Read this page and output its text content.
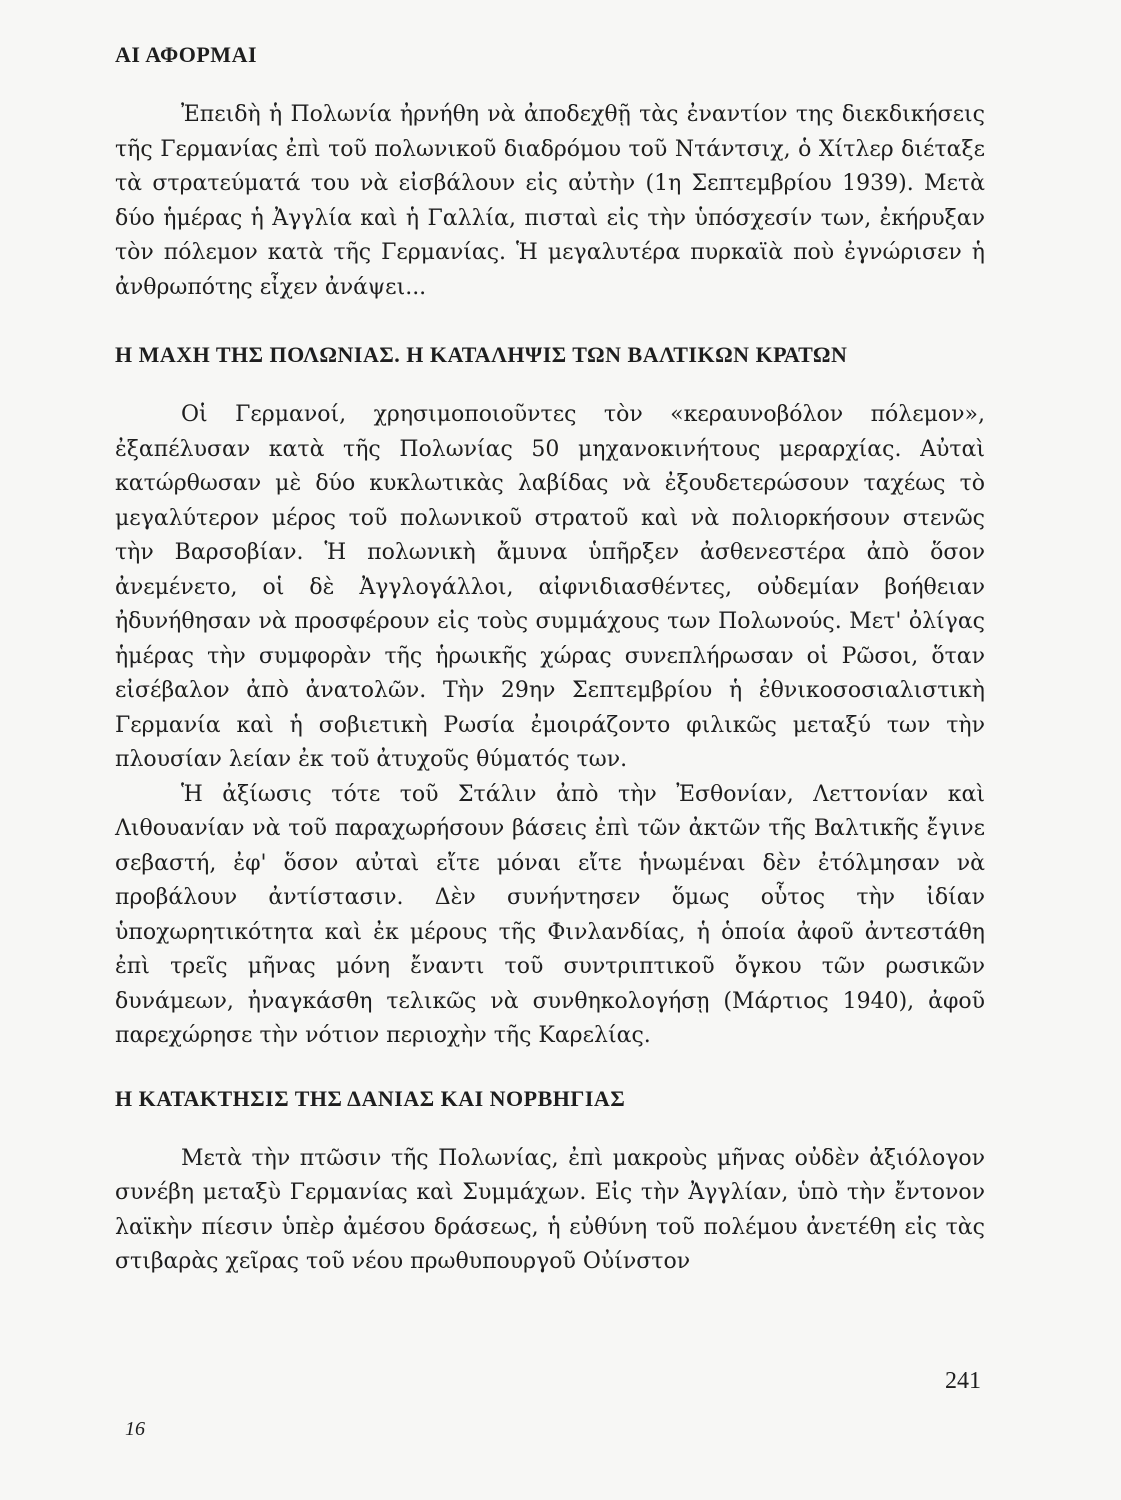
ΑΙ ΑΦΟΡΜΑΙ

Ἐπειδὴ ἡ Πολωνία ἠρνήθη νὰ ἀποδεχθῇ τὰς ἐναντίον της διεκδικήσεις τῆς Γερμανίας ἐπὶ τοῦ πολωνικοῦ διαδρόμου τοῦ Ντάντσιχ, ὁ Χίτλερ διέταξε τὰ στρατεύματά του νὰ εἰσβάλουν εἰς αὐτὴν (1η Σεπτεμβρίου 1939). Μετὰ δύο ἡμέρας ἡ Ἀγγλία καὶ ἡ Γαλλία, πισταὶ εἰς τὴν ὑπόσχεσίν των, ἐκήρυξαν τὸν πόλεμον κατὰ τῆς Γερμανίας. Ἡ μεγαλυτέρα πυρκαϊὰ ποὺ ἐγνώρισεν ἡ ἀνθρωπότης εἶχεν ἀνάψει...

Η ΜΑΧΗ ΤΗΣ ΠΟΛΩΝΙΑΣ. Η ΚΑΤΑΛΗΨΙΣ ΤΩΝ ΒΑΛΤΙΚΩΝ ΚΡΑΤΩΝ

Οἱ Γερμανοί, χρησιμοποιοῦντες τὸν «κεραυνοβόλον πόλεμον», ἐξαπέλυσαν κατὰ τῆς Πολωνίας 50 μηχανοκινήτους μεραρχίας. Αὐταὶ κατώρθωσαν μὲ δύο κυκλωτικὰς λαβίδας νὰ ἐξουδετερώσουν ταχέως τὸ μεγαλύτερον μέρος τοῦ πολωνικοῦ στρατοῦ καὶ νὰ πολιορκήσουν στενῶς τὴν Βαρσοβίαν. Ἡ πολωνικὴ ἄμυνα ὑπῆρξεν ἀσθενεστέρα ἀπὸ ὅσον ἀνεμένετο, οἱ δὲ Ἀγγλογάλλοι, αἰφνιδιασθέντες, οὐδεμίαν βοήθειαν ἠδυνήθησαν νὰ προσφέρουν εἰς τοὺς συμμάχους των Πολωνούς. Μετ' ὀλίγας ἡμέρας τὴν συμφορὰν τῆς ἡρωικῆς χώρας συνεπλήρωσαν οἱ Ρῶσοι, ὅταν εἰσέβαλον ἀπὸ ἀνατολῶν. Τὴν 29ην Σεπτεμβρίου ἡ ἐθνικοσοσιαλιστικὴ Γερμανία καὶ ἡ σοβιετικὴ Ρωσία ἐμοιράζοντο φιλικῶς μεταξύ των τὴν πλουσίαν λείαν ἐκ τοῦ ἀτυχοῦς θύματός των.

Ἡ ἀξίωσις τότε τοῦ Στάλιν ἀπὸ τὴν Ἐσθονίαν, Λεττονίαν καὶ Λιθουανίαν νὰ τοῦ παραχωρήσουν βάσεις ἐπὶ τῶν ἀκτῶν τῆς Βαλτικῆς ἔγινε σεβαστή, ἐφ' ὅσον αὐταὶ εἴτε μόναι εἴτε ἡνωμέναι δὲν ἐτόλμησαν νὰ προβάλουν ἀντίστασιν. Δὲν συνήντησεν ὅμως οὗτος τὴν ἰδίαν ὑποχωρητικότητα καὶ ἐκ μέρους τῆς Φινλανδίας, ἡ ὁποία ἀφοῦ ἀντεστάθη ἐπὶ τρεῖς μῆνας μόνη ἔναντι τοῦ συντριπτικοῦ ὄγκου τῶν ρωσικῶν δυνάμεων, ἠναγκάσθη τελικῶς νὰ συνθηκολογήσῃ (Μάρτιος 1940), ἀφοῦ παρεχώρησε τὴν νότιον περιοχὴν τῆς Καρελίας.

Η ΚΑΤΑΚΤΗΣΙΣ ΤΗΣ ΔΑΝΙΑΣ ΚΑΙ ΝΟΡΒΗΓΙΑΣ

Μετὰ τὴν πτῶσιν τῆς Πολωνίας, ἐπὶ μακροὺς μῆνας οὐδὲν ἀξιόλογον συνέβη μεταξὺ Γερμανίας καὶ Συμμάχων. Εἰς τὴν Ἀγγλίαν, ὑπὸ τὴν ἔντονον λαϊκὴν πίεσιν ὑπὲρ ἀμέσου δράσεως, ἡ εὐθύνη τοῦ πολέμου ἀνετέθη εἰς τὰς στιβαρὰς χεῖρας τοῦ νέου πρωθυπουργοῦ Οὐίνστον

241
16
